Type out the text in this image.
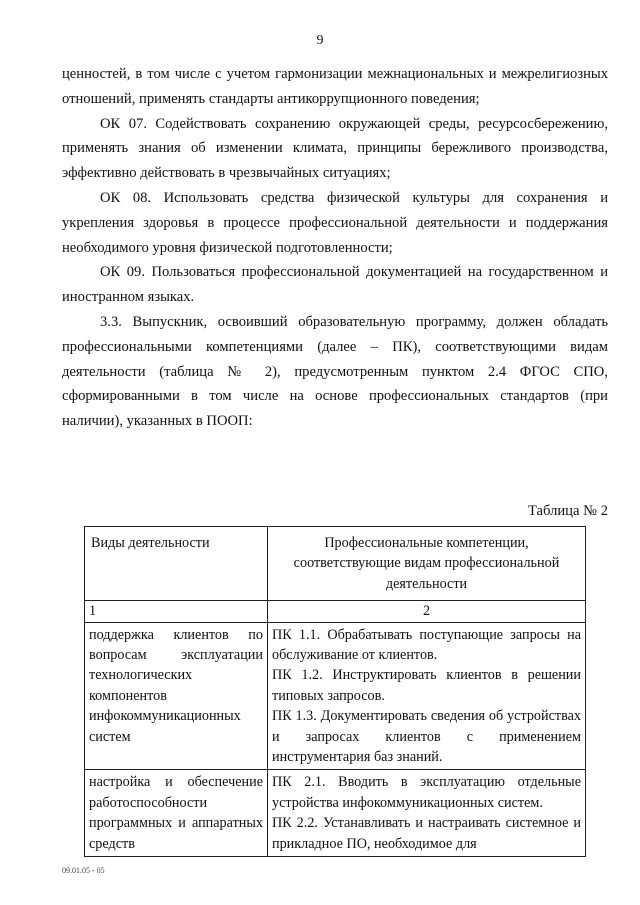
9

ценностей, в том числе с учетом гармонизации межнациональных и межрелигиозных отношений, применять стандарты антикоррупционного поведения;

ОК 07. Содействовать сохранению окружающей среды, ресурсосбережению, применять знания об изменении климата, принципы бережливого производства, эффективно действовать в чрезвычайных ситуациях;

ОК 08. Использовать средства физической культуры для сохранения и укрепления здоровья в процессе профессиональной деятельности и поддержания необходимого уровня физической подготовленности;

ОК 09. Пользоваться профессиональной документацией на государственном и иностранном языках.

3.3. Выпускник, освоивший образовательную программу, должен обладать профессиональными компетенциями (далее – ПК), соответствующими видам деятельности (таблица № 2), предусмотренным пунктом 2.4 ФГОС СПО, сформированными в том числе на основе профессиональных стандартов (при наличии), указанных в ПООП:

Таблица № 2
Виды деятельности	Профессиональные компетенции, соответствующие видам профессиональной деятельности
1	2
поддержка клиентов по вопросам эксплуатации технологических компонентов инфокоммуникационных систем	ПК 1.1. Обрабатывать поступающие запросы на обслуживание от клиентов.

ПК 1.2. Инструктировать клиентов в решении типовых запросов.

ПК 1.3. Документировать сведения об устройствах и запросах клиентов с применением инструментария баз знаний.

настройка и обеспечение работоспособности программных и аппаратных средств	ПК 2.1. Вводить в эксплуатацию отдельные устройства инфокоммуникационных систем.

ПК 2.2. Устанавливать и настраивать системное и прикладное ПО, необходимое для

09.01.05 - 05
